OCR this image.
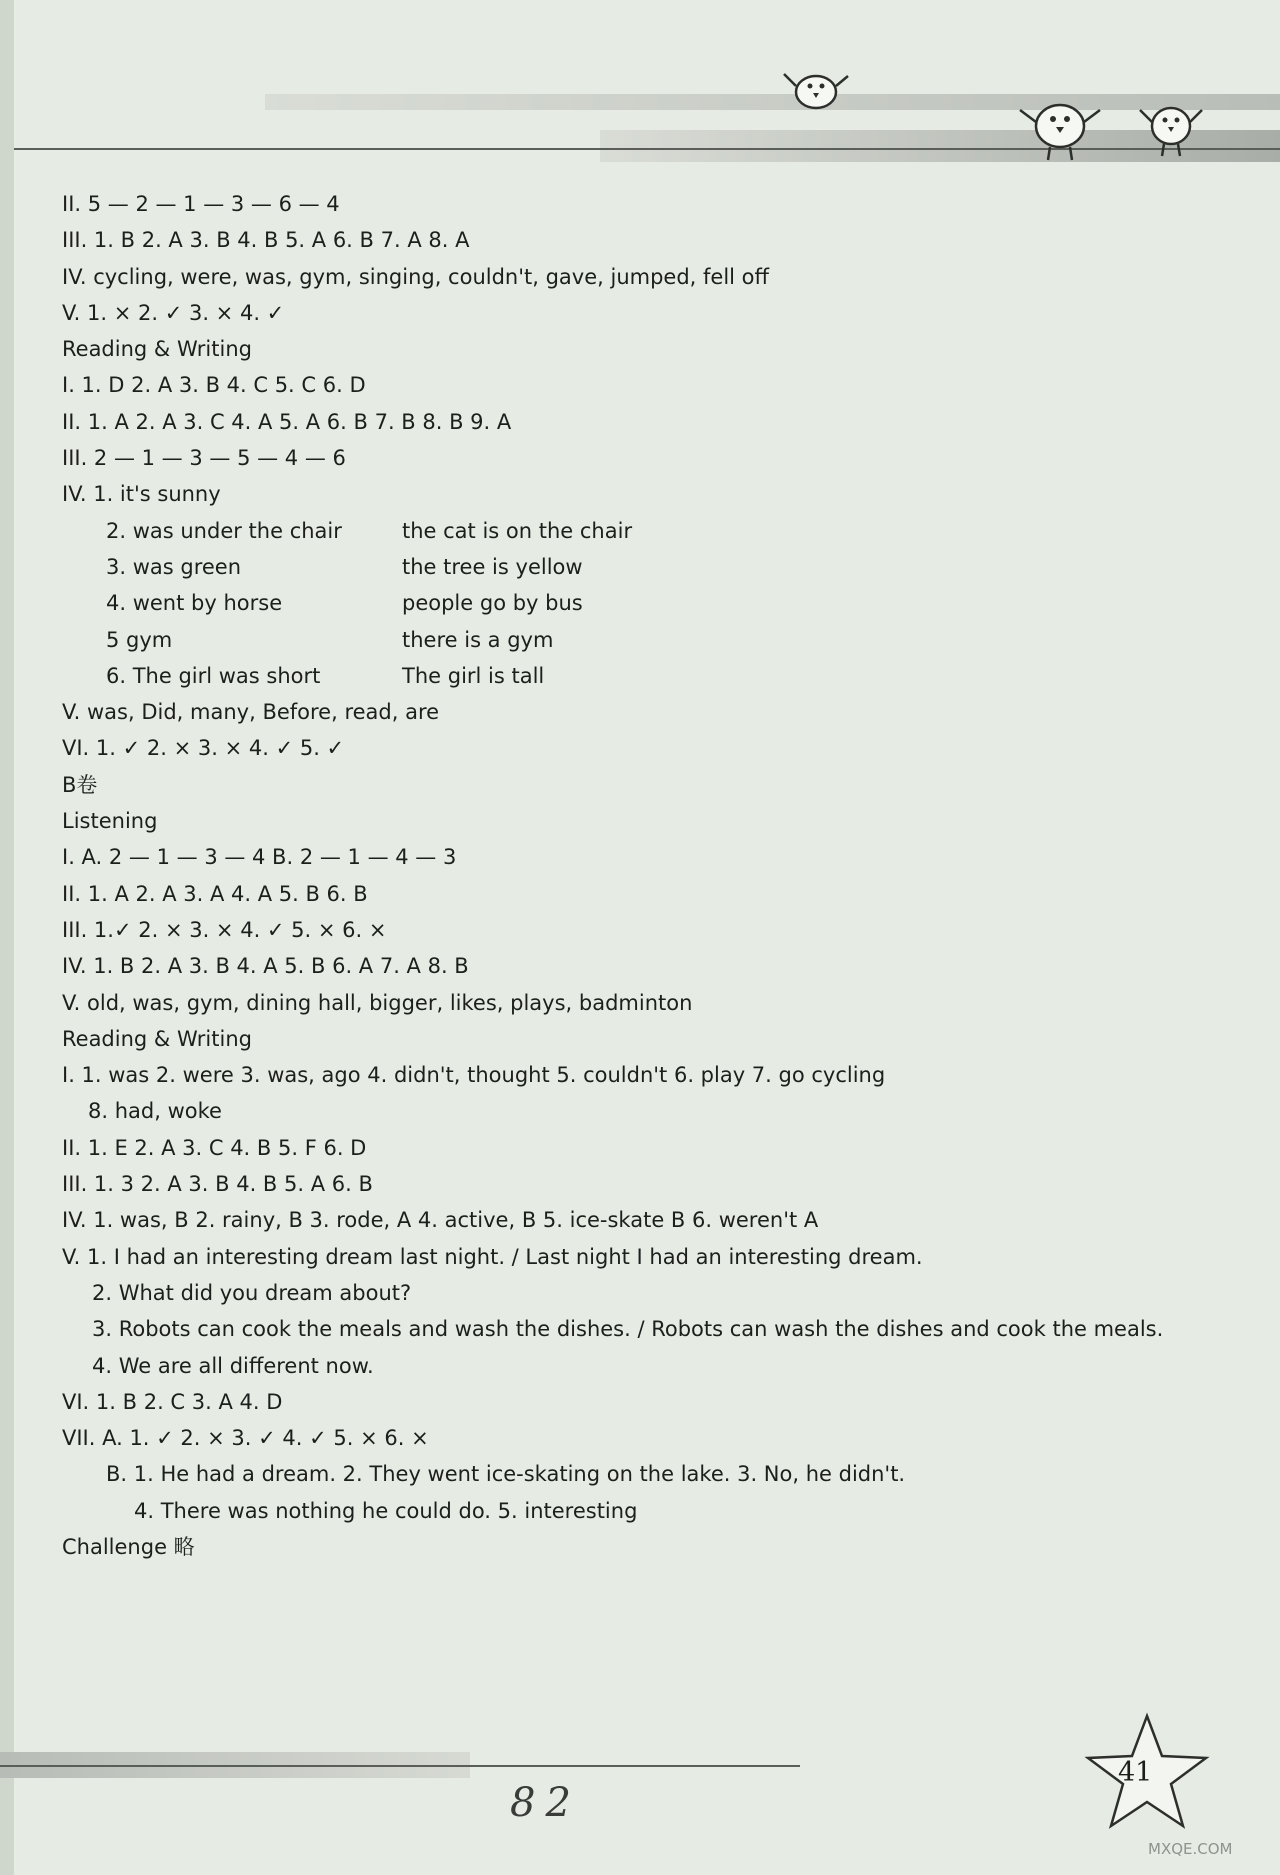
II. 5 — 2 — 1 — 3 — 6 — 4
III. 1. B 2. A 3. B 4. B 5. A 6. B 7. A 8. A
IV. cycling, were, was, gym, singing, couldn't, gave, jumped, fell off
V. 1. × 2. ✓ 3. × 4. ✓
Reading & Writing
I. 1. D 2. A 3. B 4. C 5. C 6. D
II. 1. A 2. A 3. C 4. A 5. A 6. B 7. B 8. B 9. A
III. 2 — 1 — 3 — 5 — 4 — 6
IV. 1. it's sunny
2. was under the chair	the cat is on the chair
3. was green	the tree is yellow
4. went by horse	people go by bus
5 gym	there is a gym
6. The girl was short	The girl is tall
V. was, Did, many, Before, read, are
VI. 1. ✓ 2. × 3. × 4. ✓ 5. ✓
B卷
Listening
I. A. 2 — 1 — 3 — 4 B. 2 — 1 — 4 — 3
II. 1. A 2. A 3. A 4. A 5. B 6. B
III. 1.✓ 2. × 3. × 4. ✓ 5. × 6. ×
IV. 1. B 2. A 3. B 4. A 5. B 6. A 7. A 8. B
V. old, was, gym, dining hall, bigger, likes, plays, badminton
Reading & Writing
I. 1. was 2. were 3. was, ago 4. didn't, thought 5. couldn't 6. play 7. go cycling
8. had, woke
II. 1. E 2. A 3. C 4. B 5. F 6. D
III. 1. 3 2. A 3. B 4. B 5. A 6. B
IV. 1. was, B 2. rainy, B 3. rode, A 4. active, B 5. ice-skate B 6. weren't A
V. 1. I had an interesting dream last night. / Last night I had an interesting dream.
2. What did you dream about?
3. Robots can cook the meals and wash the dishes. / Robots can wash the dishes and cook the meals.
4. We are all different now.
VI. 1. B 2. C 3. A 4. D
VII. A. 1. ✓ 2. × 3. ✓ 4. ✓ 5. × 6. ×
B. 1. He had a dream. 2. They went ice-skating on the lake. 3. No, he didn't.
4. There was nothing he could do. 5. interesting
Challenge 略
41
82
MXQE.COM
